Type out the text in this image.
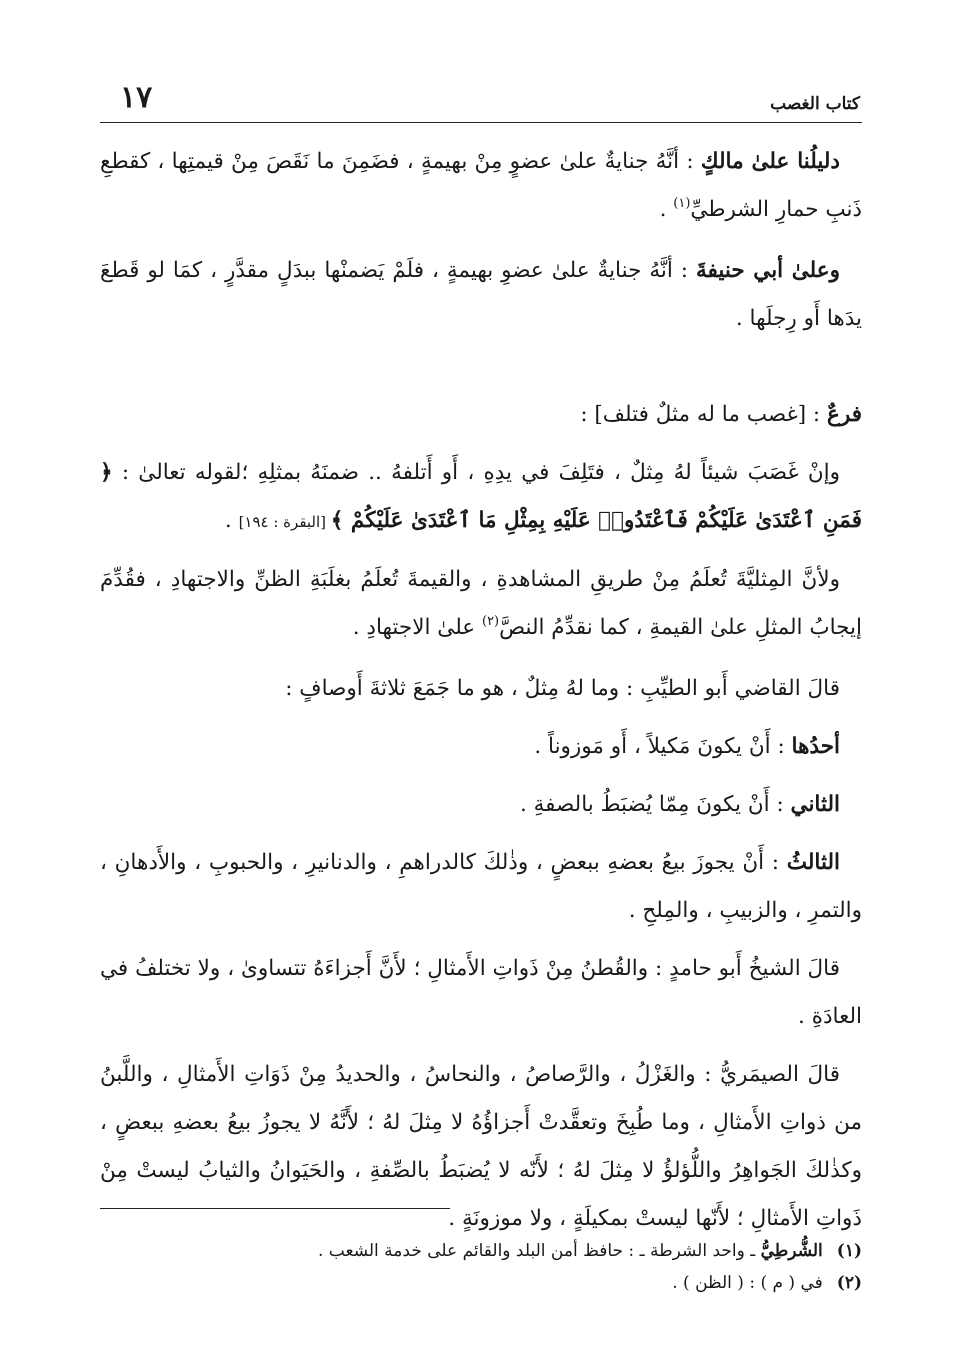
كتاب الغصب
١٧

دليلُنا علىٰ مالكٍ : أنَّهُ جنايةٌ علىٰ عضوٍ مِنْ بهيمةٍ ، فضَمِنَ ما نَقَصَ مِنْ قيمتِها ، كقطعِ ذَنبِ حمارِ الشرطيِّ$^{(١)}$ .

وعلىٰ أبي حنيفةَ : أنَّهُ جنايةٌ علىٰ عضوِ بهيمةٍ ، فلَمْ يَضمنْها ببدَلٍ مقدَّرٍ ، كمَا لو قَطعَ يدَها أَو رِجلَها .

فرعٌ : [غصب ما له مثلٌ فتلف] :

وإنْ غَصَبَ شيئاً لهُ مِثلٌ ، فتَلِفَ في يدِهِ ، أَو أَتلفهُ .. ضمنَهُ بمثلِهِ ؛لقوله تعالىٰ : ﴿ فَمَنِ ٱعْتَدَىٰ عَلَيْكُمْ فَٱعْتَدُوا۟ عَلَيْهِ بِمِثْلِ مَا ٱعْتَدَىٰ عَلَيْكُمْ ﴾ [البقرة : ١٩٤] .

ولأنَّ المِثليَّةَ تُعلَمُ مِنْ طريقِ المشاهدةِ ، والقيمةَ تُعلَمُ بغلَبَةِ الظنِّ والاجتهادِ ، فقُدِّمَ إيجابُ المثلِ علىٰ القيمةِ ، كما نقدِّمُ النصَّ$^{(٢)}$ علىٰ الاجتهادِ .

قالَ القاضي أَبو الطيِّبِ : وما لهُ مِثلٌ ، هو ما جَمَعَ ثلاثةَ أَوصافٍ :

أحدُها : أَنْ يكونَ مَكيلاً ، أَو مَوزوناً .

الثاني : أَنْ يكونَ مِمّا يُضبَطُ بالصفةِ .

الثالثُ : أَنْ يجوزَ بيعُ بعضهِ ببعضٍ ، وذٰلكَ كالدراهمِ ، والدنانيرِ ، والحبوبِ ، والأَدهانِ ، والتمرِ ، والزبيبِ ، والمِلحِ .

قالَ الشيخُ أَبو حامدٍ : والقُطنُ مِنْ ذَواتِ الأَمثالِ ؛ لأَنَّ أَجزاءَهُ تتساوىٰ ، ولا تختلفُ في العادَةِ .

قالَ الصيمَريُّ : والغَزْلُ ، والرَّصاصُ ، والنحاسُ ، والحديدُ مِنْ ذَوَاتِ الأَمثالِ ، واللَّبنُ من ذواتِ الأَمثالِ ، وما طُبِخَ وتعقَّدتْ أَجزاؤُهُ لا مِثلَ لهُ ؛ لأَنَّهُ لا يجوزُ بيعُ بعضهِ ببعضٍ ، وكذٰلكَ الجَواهِرُ واللُّؤلؤُ لا مِثلَ لهُ ؛ لأَنّه لا يُضبَطُ بالصِّفةِ ، والحَيَوانُ والثيابُ ليستْ مِنْ ذَواتِ الأَمثالِ ؛ لأَنّها ليستْ بمكيلَةٍ ، ولا موزونَةٍ .

(١)الشُّرطِيُّ ـ واحد الشرطة ـ : حافظ أمن البلد والقائم على خدمة الشعب .

(٢)في ( م ) : ( الظن ) .
